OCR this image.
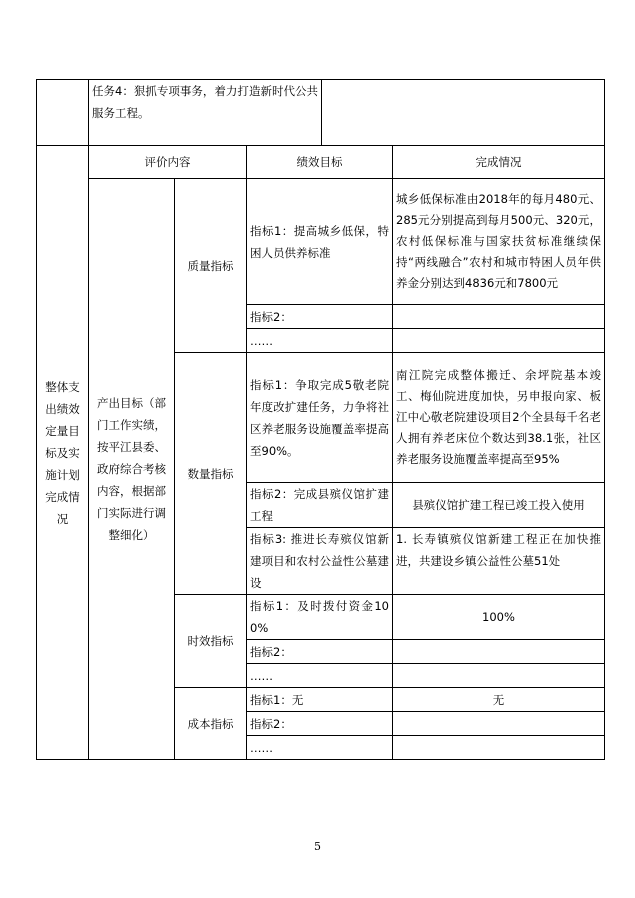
	任务4：狠抓专项事务，着力打造新时代公共服务工程。	
整体支出绩效定量目标及实施计划完成情况	评价内容		绩效目标	完成情况
	产出目标（部门工作实绩，按平江县委、政府综合考核内容，根据部门实际进行调整细化）	质量指标	指标1：提高城乡低保，特困人员供养标准	城乡低保标准由2018年的每月480元、285元分别提高到每月500元、320元，农村低保标准与国家扶贫标准继续保持“两线融合”农村和城市特困人员年供养金分别达到4836元和7800元
			指标2：	
			……	
		数量指标	指标1：争取完成5敬老院年度改扩建任务，力争将社区养老服务设施覆盖率提高至90%。	南江院完成整体搬迁、余坪院基本竣工、梅仙院进度加快，另申报向家、板江中心敬老院建设项目2个全县每千名老人拥有养老床位个数达到38.1张，社区养老服务设施覆盖率提高至95%
			指标2：完成县殡仪馆扩建工程	县殡仪馆扩建工程已竣工投入使用
			指标3: 推进长寿殡仪馆新建项目和农村公益性公墓建设	1. 长寿镇殡仪馆新建工程正在加快推进，共建设乡镇公益性公墓51处
		时效指标	指标1：及时拨付资金100%	100%
			指标2：	
			……	
		成本指标	指标1：无	无
			指标2：	
			……	
5
